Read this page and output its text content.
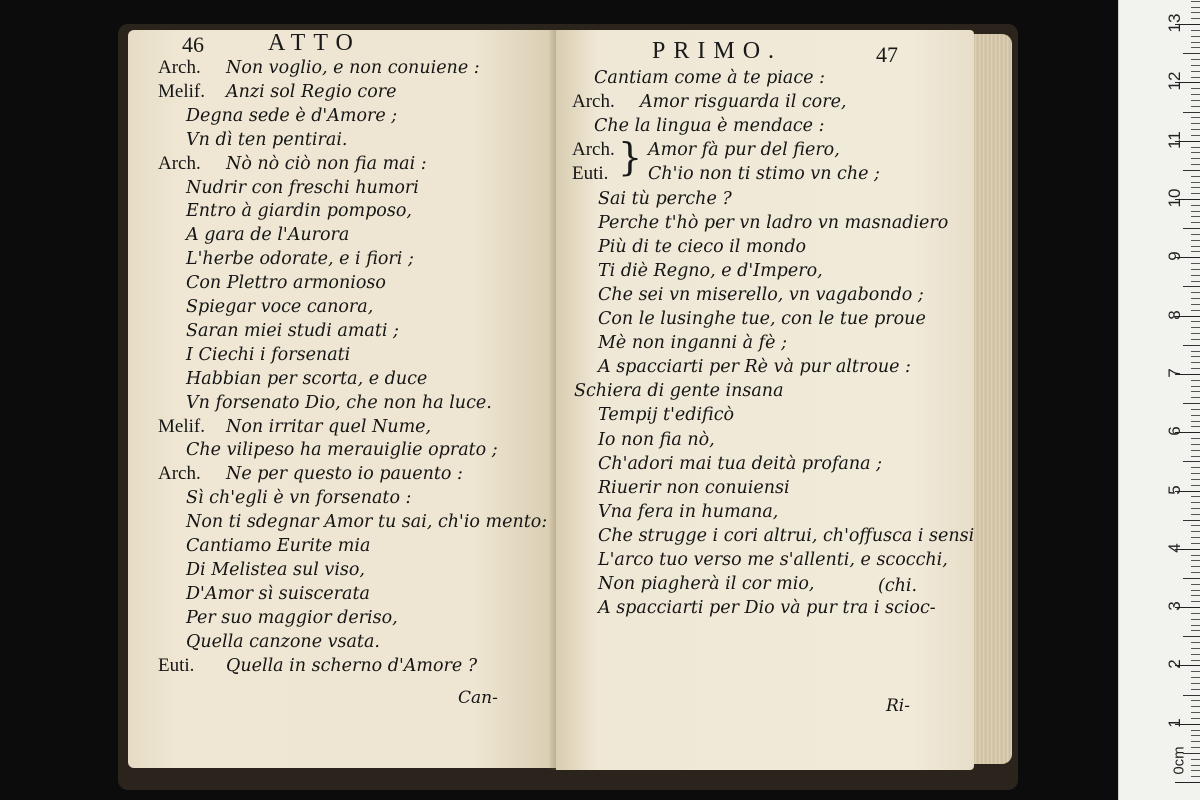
46	ATTO
Arch. Non voglio, e non conuiene :
Melif. Anzi sol Regio core
Degna sede è d'Amore ;
Vn dì ten pentirai.
Arch. Nò nò ciò non fia mai :
Nudrir con freschi humori
Entro à giardin pomposo,
A gara de l'Aurora
L'herbe odorate, e i fiori ;
Con Plettro armonioso
Spiegar voce canora,
Saran miei studi amati ;
I Ciechi i forsenati
Habbian per scorta, e duce
Vn forsenato Dio, che non ha luce.
Melif. Non irritar quel Nume,
Che vilipeso ha merauiglie oprato ;
Arch. Ne per questo io pauento :
Sì ch'egli è vn forsenato :
Non ti sdegnar Amor tu sai, ch'io mento:
Cantiamo Eurite mia
Di Melistea sul viso,
D'Amor sì suiscerata
Per suo maggior deriso,
Quella canzone vsata.
Euti. Quella in scherno d'Amore ?
Can-
PRIMO.	47
Cantiam come à te piace :
Arch. Amor risguarda il core,
Che la lingua è mendace :
Arch. Amor fà pur del fiero,
Euti. Ch'io non ti stimo vn che ;
Sai tù perche ?
Perche t'hò per vn ladro vn masnadiero
Più di te cieco il mondo
Ti diè Regno, e d'Impero,
Che sei vn miserello, vn vagabondo ;
Con le lusinghe tue, con le tue proue
Mè non inganni à fè ;
A spacciarti per Rè và pur altroue :
Schiera di gente insana
Tempij t'edificò
Io non fia nò,
Ch'adori mai tua deità profana ;
Riuerir non conuiensi
Vna fera in humana,
Che strugge i cori altrui, ch'offusca i sensi
L'arco tuo verso me s'allenti, e scocchi,
Non piagherà il cor mio,
A spacciarti per Dio và pur tra i scioc-
}
(chi.
Ri-
1
2
3
4
5
6
7
8
9
10
11
12
13
0cm
